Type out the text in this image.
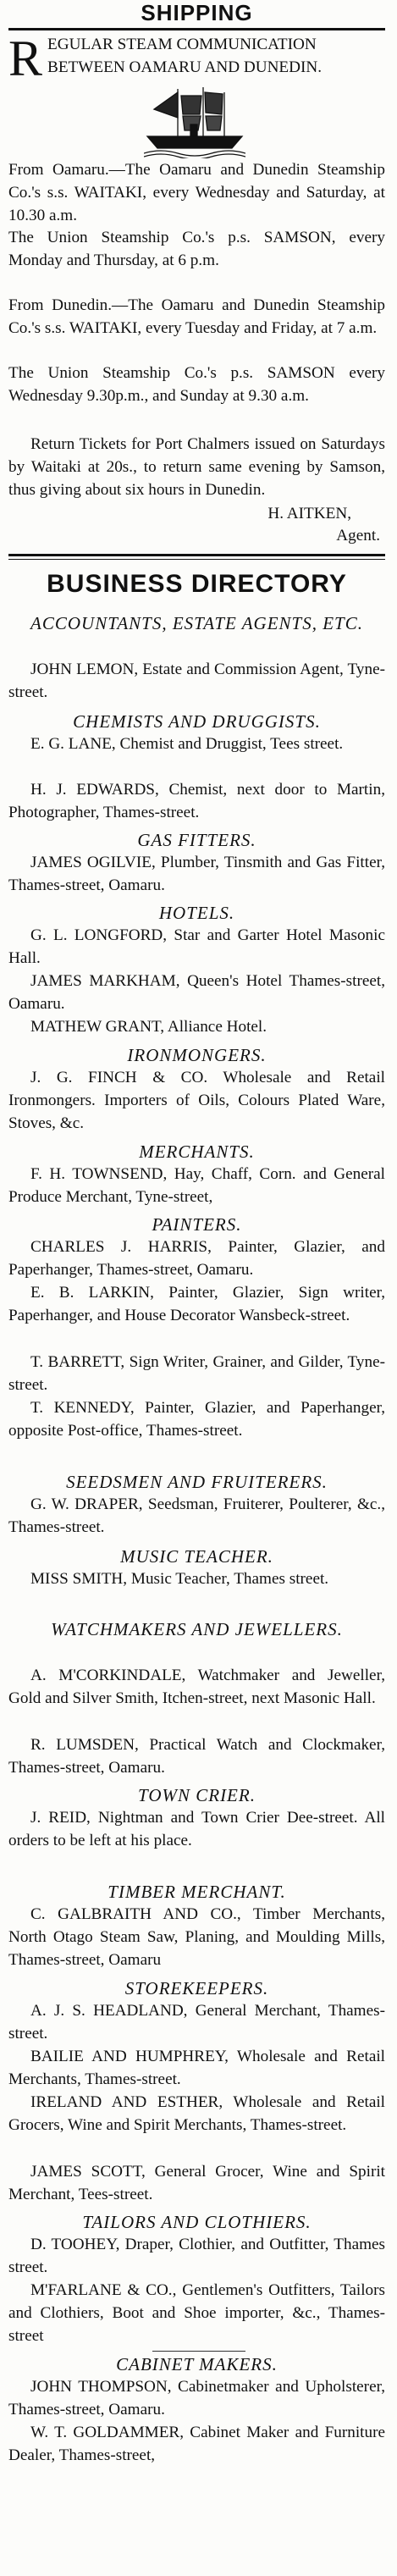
SHIPPING
R EGULAR STEAM COMMUNICATION BETWEEN OAMARU AND DUNEDIN.
From Oamaru.—The Oamaru and Dunedin Steamship Co.'s s.s. WAITAKI, every Wednesday and Saturday, at 10.30 a.m.
The Union Steamship Co.'s p.s. SAMSON, every Monday and Thursday, at 6 p.m.
From Dunedin.—The Oamaru and Dunedin Steamship Co.'s s.s. WAITAKI, every Tuesday and Friday, at 7 a.m.
The Union Steamship Co.'s p.s. SAMSON every Wednesday 9.30p.m., and Sunday at 9.30 a.m.
Return Tickets for Port Chalmers issued on Saturdays by Waitaki at 20s., to return same evening by Samson, thus giving about six hours in Dunedin.
H. AITKEN,
Agent.
BUSINESS DIRECTORY
ACCOUNTANTS, ESTATE AGENTS, ETC.
JOHN LEMON, Estate and Commission Agent, Tyne-street.
CHEMISTS AND DRUGGISTS.
E. G. LANE, Chemist and Druggist, Tees street.
H. J. EDWARDS, Chemist, next door to Martin, Photographer, Thames-street.
GAS FITTERS.
JAMES OGILVIE, Plumber, Tinsmith and Gas Fitter, Thames-street, Oamaru.
HOTELS.
G. L. LONGFORD, Star and Garter Hotel Masonic Hall.
JAMES MARKHAM, Queen's Hotel Thames-street, Oamaru.
MATHEW GRANT, Alliance Hotel.
IRONMONGERS.
J. G. FINCH & CO. Wholesale and Retail Ironmongers. Importers of Oils, Colours Plated Ware, Stoves, &c.
MERCHANTS.
F. H. TOWNSEND, Hay, Chaff, Corn. and General Produce Merchant, Tyne-street,
PAINTERS.
CHARLES J. HARRIS, Painter, Glazier, and Paperhanger, Thames-street, Oamaru.
E. B. LARKIN, Painter, Glazier, Sign writer, Paperhanger, and House Decorator Wansbeck-street.
T. BARRETT, Sign Writer, Grainer, and Gilder, Tyne-street.
T. KENNEDY, Painter, Glazier, and Paperhanger, opposite Post-office, Thames-street.
SEEDSMEN AND FRUITERERS.
G. W. DRAPER, Seedsman, Fruiterer, Poulterer, &c., Thames-street.
MUSIC TEACHER.
MISS SMITH, Music Teacher, Thames street.
WATCHMAKERS AND JEWELLERS.
A. M'CORKINDALE, Watchmaker and Jeweller, Gold and Silver Smith, Itchen-street, next Masonic Hall.
R. LUMSDEN, Practical Watch and Clockmaker, Thames-street, Oamaru.
TOWN CRIER.
J. REID, Nightman and Town Crier Dee-street. All orders to be left at his place.
TIMBER MERCHANT.
C. GALBRAITH AND CO., Timber Merchants, North Otago Steam Saw, Planing, and Moulding Mills, Thames-street, Oamaru
STOREKEEPERS.
A. J. S. HEADLAND, General Merchant, Thames-street.
BAILIE AND HUMPHREY, Wholesale and Retail Merchants, Thames-street.
IRELAND AND ESTHER, Wholesale and Retail Grocers, Wine and Spirit Merchants, Thames-street.
JAMES SCOTT, General Grocer, Wine and Spirit Merchant, Tees-street.
TAILORS AND CLOTHIERS.
D. TOOHEY, Draper, Clothier, and Outfitter, Thames street.
M'FARLANE & CO., Gentlemen's Outfitters, Tailors and Clothiers, Boot and Shoe importer, &c., Thames-street
CABINET MAKERS.
JOHN THOMPSON, Cabinetmaker and Upholsterer, Thames-street, Oamaru.
W. T. GOLDAMMER, Cabinet Maker and Furniture Dealer, Thames-street,
